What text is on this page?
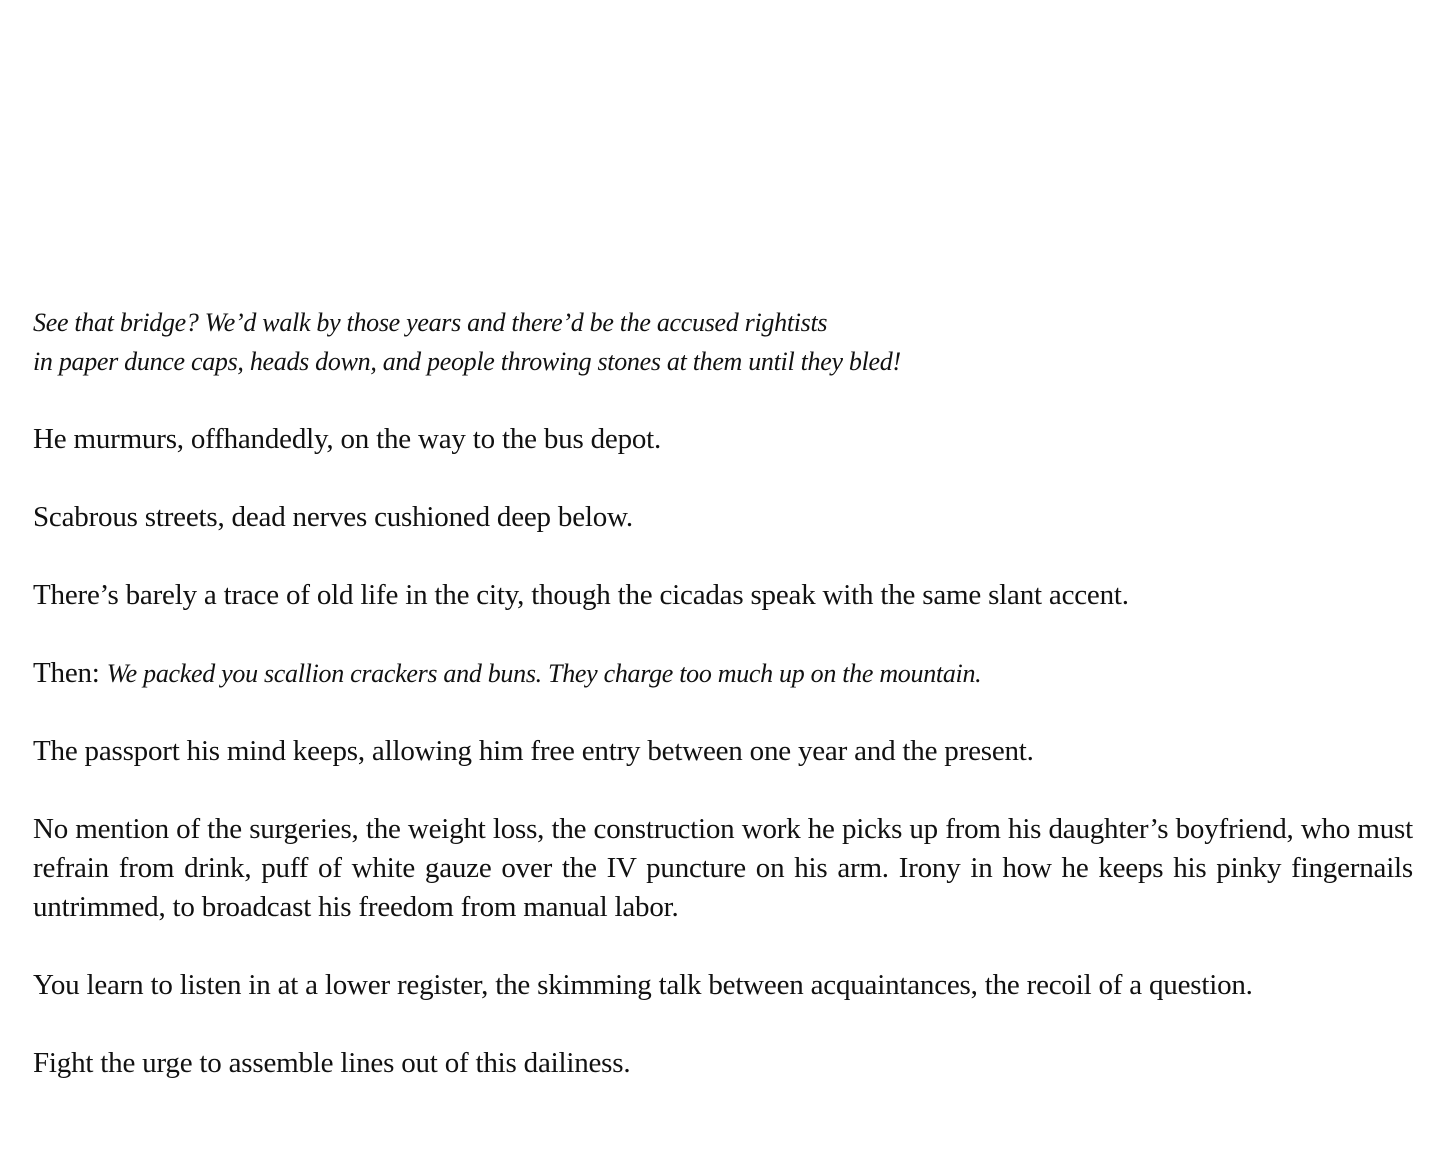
See that bridge? We’d walk by those years and there’d be the accused rightists
in paper dunce caps, heads down, and people throwing stones at them until they bled!

He murmurs, offhandedly, on the way to the bus depot.

Scabrous streets, dead nerves cushioned deep below.

There’s barely a trace of old life in the city, though the cicadas speak with the same slant accent.

Then: We packed you scallion crackers and buns. They charge too much up on the mountain.

The passport his mind keeps, allowing him free entry between one year and the present.

No mention of the surgeries, the weight loss, the construction work he picks up from his daughter’s boyfriend, who must refrain from drink, puff of white gauze over the IV puncture on his arm. Irony in how he keeps his pinky fingernails untrimmed, to broadcast his freedom from manual labor.

You learn to listen in at a lower register, the skimming talk between acquaintances, the recoil of a question.

Fight the urge to assemble lines out of this dailiness.
